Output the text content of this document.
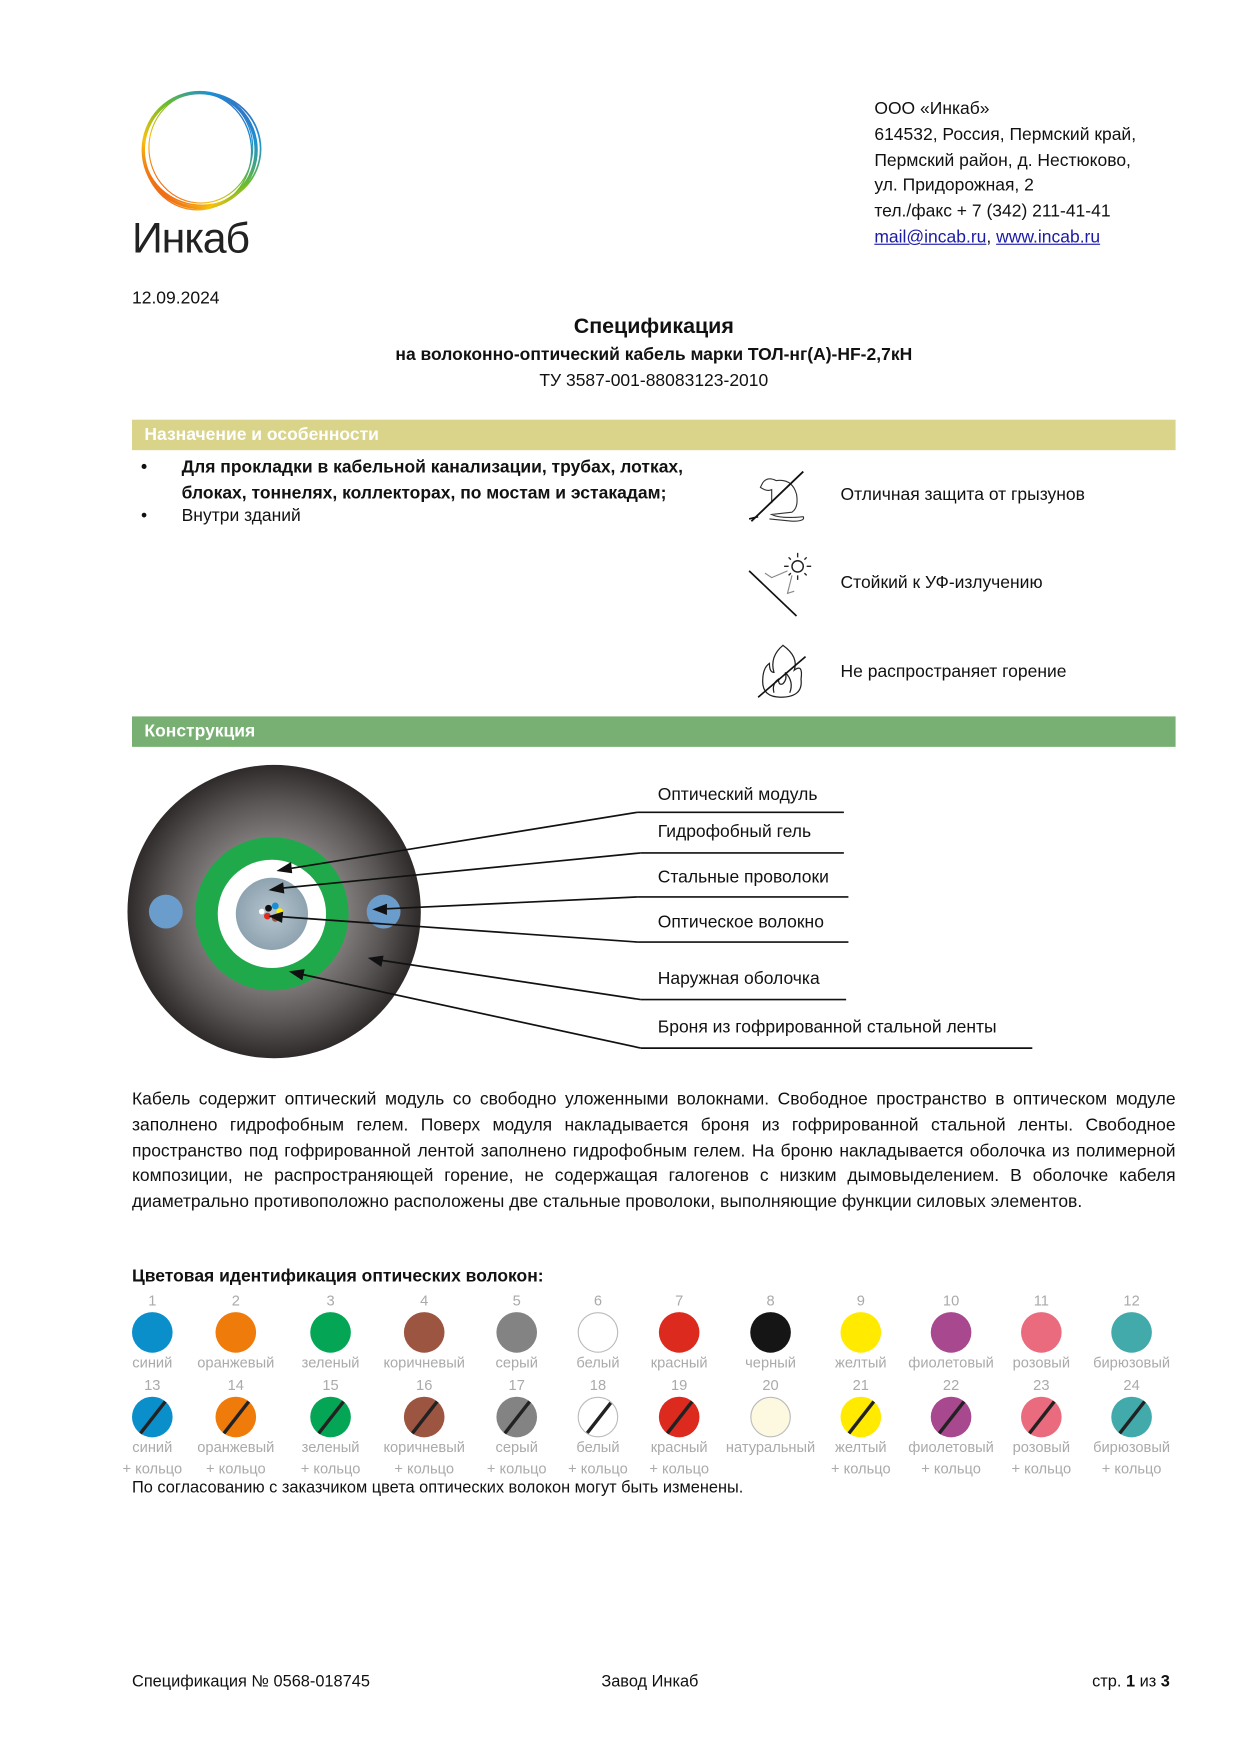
Инкаб
ООО «Инкаб»
614532, Россия, Пермский край,
Пермский район, д. Нестюково,
ул. Придорожная, 2
тел./факс + 7 (342) 211-41-41
mail@incab.ru, www.incab.ru
12.09.2024
Спецификация
на волоконно-оптический кабель марки ТОЛ-нг(А)-HF-2,7кН
ТУ 3587-001-88083123-2010
Назначение и особенности
• Для прокладки в кабельной канализации, трубах, лотках, блоках, тоннелях, коллекторах, по мостам и эстакадам;
• Внутри зданий
Отличная защита от грызунов
Стойкий к УФ-излучению
Не распространяет горение
Конструкция
Оптический модуль
Гидрофобный гель
Стальные проволоки
Оптическое волокно
Наружная оболочка
Броня из гофрированной стальной ленты
Кабель содержит оптический модуль со свободно уложенными волокнами. Свободное пространство в оптическом модуле заполнено гидрофобным гелем. Поверх модуля накладывается броня из гофрированной стальной ленты. Свободное пространство под гофрированной лентой заполнено гидрофобным гелем. На броню накладывается оболочка из полимерной композиции, не распространяющей горение, не содержащая галогенов с низким дымовыделением. В оболочке кабеля диаметрально противоположно расположены две стальные проволоки, выполняющие функции силовых элементов.
Цветовая идентификация оптических волокон:
1
синий
2
оранжевый
3
зеленый
4
коричневый
5
серый
6
белый
7
красный
8
черный
9
желтый
10
фиолетовый
11
розовый
12
бирюзовый
13
синий
+ кольцо
14
оранжевый
+ кольцо
15
зеленый
+ кольцо
16
коричневый
+ кольцо
17
серый
+ кольцо
18
белый
+ кольцо
19
красный
+ кольцо
20
натуральный
21
желтый
+ кольцо
22
фиолетовый
+ кольцо
23
розовый
+ кольцо
24
бирюзовый
+ кольцо
По согласованию с заказчиком цвета оптических волокон могут быть изменены.
Спецификация № 0568-018745	Завод Инкаб	стр. 1 из 3
